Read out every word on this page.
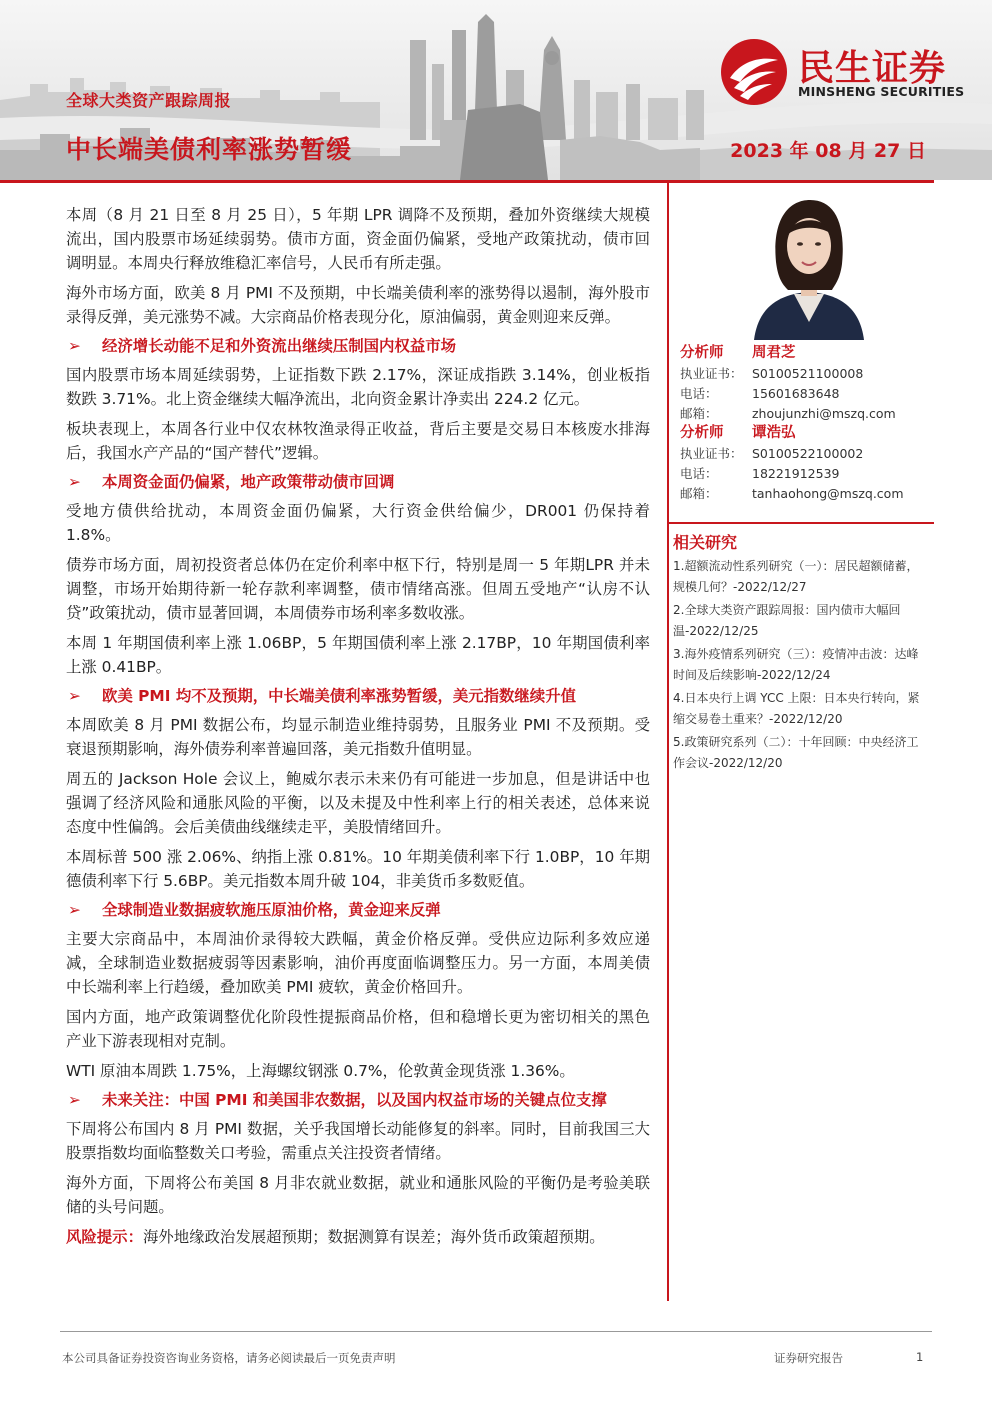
民生证券
MINSHENG SECURITIES
全球大类资产跟踪周报
中长端美债利率涨势暂缓	2023 年 08 月 27 日

本周（8 月 21 日至 8 月 25 日），5 年期 LPR 调降不及预期，叠加外资继续大规模流出，国内股票市场延续弱势。债市方面，资金面仍偏紧，受地产政策扰动，债市回调明显。本周央行释放维稳汇率信号，人民币有所走强。

海外市场方面，欧美 8 月 PMI 不及预期，中长端美债利率的涨势得以遏制，海外股市录得反弹，美元涨势不减。大宗商品价格表现分化，原油偏弱，黄金则迎来反弹。

➢	经济增长动能不足和外资流出继续压制国内权益市场

国内股票市场本周延续弱势，上证指数下跌 2.17%，深证成指跌 3.14%，创业板指数跌 3.71%。北上资金继续大幅净流出，北向资金累计净卖出 224.2 亿元。

板块表现上，本周各行业中仅农林牧渔录得正收益，背后主要是交易日本核废水排海后，我国水产产品的“国产替代”逻辑。

➢	本周资金面仍偏紧，地产政策带动债市回调

受地方债供给扰动，本周资金面仍偏紧，大行资金供给偏少，DR001 仍保持着 1.8%。

债券市场方面，周初投资者总体仍在定价利率中枢下行，特别是周一 5 年期LPR 并未调整，市场开始期待新一轮存款利率调整，债市情绪高涨。但周五受地产“认房不认贷”政策扰动，债市显著回调，本周债券市场利率多数收涨。

本周 1 年期国债利率上涨 1.06BP，5 年期国债利率上涨 2.17BP，10 年期国债利率上涨 0.41BP。

➢	欧美 PMI 均不及预期，中长端美债利率涨势暂缓，美元指数继续升值

本周欧美 8 月 PMI 数据公布，均显示制造业维持弱势，且服务业 PMI 不及预期。受衰退预期影响，海外债券利率普遍回落，美元指数升值明显。

周五的 Jackson Hole 会议上，鲍威尔表示未来仍有可能进一步加息，但是讲话中也强调了经济风险和通胀风险的平衡，以及未提及中性利率上行的相关表述，总体来说态度中性偏鸽。会后美债曲线继续走平，美股情绪回升。

本周标普 500 涨 2.06%、纳指上涨 0.81%。10 年期美债利率下行 1.0BP，10 年期德债利率下行 5.6BP。美元指数本周升破 104，非美货币多数贬值。

➢	全球制造业数据疲软施压原油价格，黄金迎来反弹

主要大宗商品中，本周油价录得较大跌幅，黄金价格反弹。受供应边际利多效应递减，全球制造业数据疲弱等因素影响，油价再度面临调整压力。另一方面，本周美债中长端利率上行趋缓，叠加欧美 PMI 疲软，黄金价格回升。

国内方面，地产政策调整优化阶段性提振商品价格，但和稳增长更为密切相关的黑色产业下游表现相对克制。

WTI 原油本周跌 1.75%，上海螺纹钢涨 0.7%，伦敦黄金现货涨 1.36%。

➢	未来关注：中国 PMI 和美国非农数据，以及国内权益市场的关键点位支撑

下周将公布国内 8 月 PMI 数据，关乎我国增长动能修复的斜率。同时，目前我国三大股票指数均面临整数关口考验，需重点关注投资者情绪。

海外方面，下周将公布美国 8 月非农就业数据，就业和通胀风险的平衡仍是考验美联储的头号问题。

风险提示：海外地缘政治发展超预期；数据测算有误差；海外货币政策超预期。

分析师	周君芝
执业证书： S0100521100008
电话：	15601683648
邮箱：	zhoujunzhi@mszq.com
分析师	谭浩弘
执业证书： S0100522100002
电话：	18221912539
邮箱：	tanhaohong@mszq.com
相关研究
1.超额流动性系列研究（一）：居民超额储蓄，规模几何？-2022/12/27
2.全球大类资产跟踪周报：国内债市大幅回温-2022/12/25
3.海外疫情系列研究（三）：疫情冲击波：达峰时间及后续影响-2022/12/24
4.日本央行上调 YCC 上限：日本央行转向，紧缩交易卷土重来？-2022/12/20
5.政策研究系列（二）：十年回顾：中央经济工作会议-2022/12/20
本公司具备证券投资咨询业务资格，请务必阅读最后一页免责声明	证券研究报告	1
